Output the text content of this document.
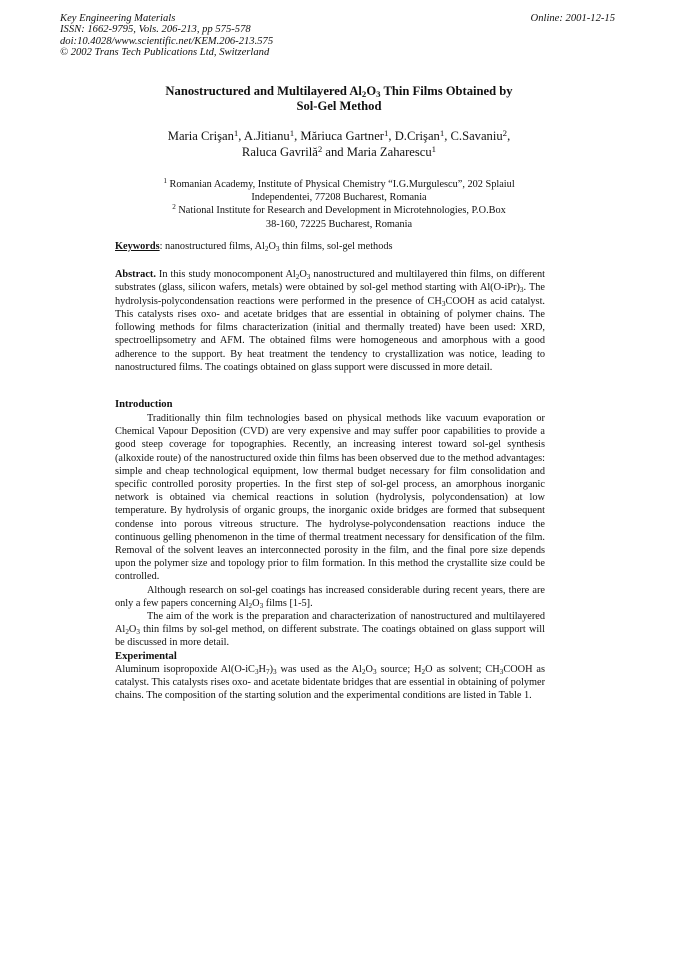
Key Engineering Materials
ISSN: 1662-9795, Vols. 206-213, pp 575-578
doi:10.4028/www.scientific.net/KEM.206-213.575
© 2002 Trans Tech Publications Ltd, Switzerland
Online: 2001-12-15
Nanostructured and Multilayered $Al_2O_3$ Thin Films Obtained by
Sol-Gel Method
Maria Crişan$^1$, A.Jitianu$^1$, Măriuca Gartner$^1$, D.Crişan$^1$, C.Savaniu$^2$,
Raluca Gavrilă$^2$ and Maria Zaharescu$^1$
$^1$ Romanian Academy, Institute of Physical Chemistry “I.G.Murgulescu”, 202 Splaiul
Independentei, 77208 Bucharest, Romania
$^2$ National Institute for Research and Development in Microtehnologies, P.O.Box
38-160, 72225 Bucharest, Romania
Keywords: nanostructured films, $Al_2O_3$ thin films, sol-gel methods
Abstract. In this study monocomponent $Al_2O_3$ nanostructured and multilayered thin films, on different substrates (glass, silicon wafers, metals) were obtained by sol-gel method starting with $Al(O-iPr)_3$. The hydrolysis-polycondensation reactions were performed in the presence of $CH_3COOH$ as acid catalyst. This catalysts rises oxo- and acetate bridges that are essential in obtaining of polymer chains. The following methods for films characterization (initial and thermally treated) have been used: XRD, spectroellipsometry and AFM. The obtained films were homogeneous and amorphous with a good adherence to the support. By heat treatment the tendency to crystallization was notice, leading to nanostructured films. The coatings obtained on glass support were discussed in more detail.
Introduction

Traditionally thin film technologies based on physical methods like vacuum evaporation or Chemical Vapour Deposition (CVD) are very expensive and may suffer poor capabilities to provide a good steep coverage for topographies. Recently, an increasing interest toward sol-gel synthesis (alkoxide route) of the nanostructured oxide thin films has been observed due to the method advantages: simple and cheap technological equipment, low thermal budget necessary for film consolidation and specific controlled porosity properties. In the first step of sol-gel process, an amorphous inorganic network is obtained via chemical reactions in solution (hydrolysis, polycondensation) at low temperature. By hydrolysis of organic groups, the inorganic oxide bridges are formed that subsequent condense into porous vitreous structure. The hydrolyse-polycondensation reactions induce the continuous gelling phenomenon in the time of thermal treatment necessary for densification of the film. Removal of the solvent leaves an interconnected porosity in the film, and the final pore size depends upon the polymer size and topology prior to film formation. In this method the crystallite size could be controlled.

Although research on sol-gel coatings has increased considerable during recent years, there are only a few papers concerning $Al_2O_3$ films [1-5].

The aim of the work is the preparation and characterization of nanostructured and multilayered $Al_2O_3$ thin films by sol-gel method, on different substrate. The coatings obtained on glass support will be discussed in more detail.

Experimental

Aluminum isopropoxide $Al(O-iC_3H_7)_3$ was used as the $Al_2O_3$ source; $H_2O$ as solvent; $CH_3COOH$ as catalyst. This catalysts rises oxo- and acetate bidentate bridges that are essential in obtaining of polymer chains. The composition of the starting solution and the experimental conditions are listed in Table 1.
